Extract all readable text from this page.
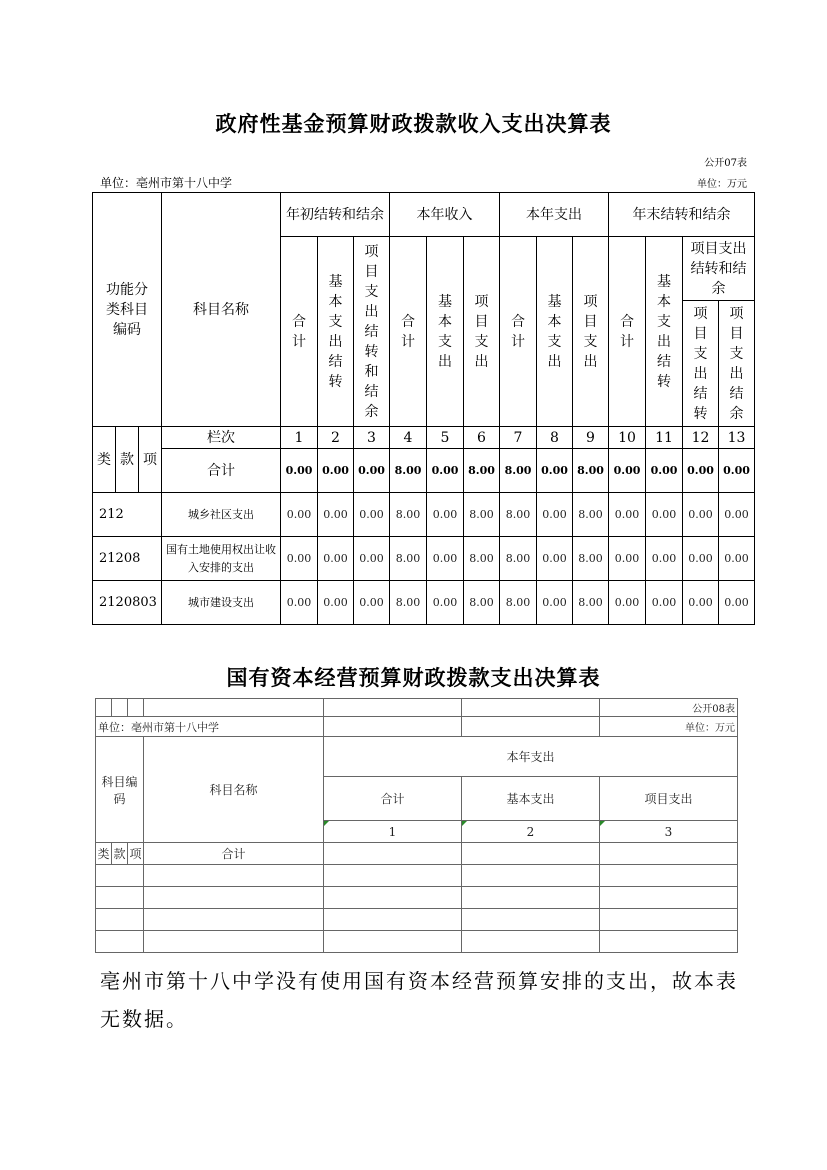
政府性基金预算财政拨款收入支出决算表
公开07表
单位：亳州市第十八中学	单位：万元
功能分类科目编码			科目名称	年初结转和结余			本年收入			本年支出			年末结转和结余			

				合计	基本支出结转	项目支出结转和结余	合计	基本支出	项目支出	合计	基本支出	项目支出	合计	基本支出结转	项目支出结转和结余	

															项目支出结转	项目支出结余

类	款	项	栏次	1	2	3	4	5	6	7	8	9	10	11	12	13
			合计	0.00	0.00	0.00	8.00	0.00	8.00	8.00	0.00	8.00	0.00	0.00	0.00	0.00
212			城乡社区支出	0.00	0.00	0.00	8.00	0.00	8.00	8.00	0.00	8.00	0.00	0.00	0.00	0.00
21208			国有土地使用权出让收入安排的支出	0.00	0.00	0.00	8.00	0.00	8.00	8.00	0.00	8.00	0.00	0.00	0.00	0.00
2120803			城市建设支出	0.00	0.00	0.00	8.00	0.00	8.00	8.00	0.00	8.00	0.00	0.00	0.00	0.00
国有资本经营预算财政拨款支出决算表
						公开08表
单位：亳州市第十八中学						单位：万元
科目编码			科目名称	本年支出		
				合计	基本支出	项目支出
				1	2	3
类	款	项	合计			

亳州市第十八中学没有使用国有资本经营预算安排的支出，故本表无数据。
